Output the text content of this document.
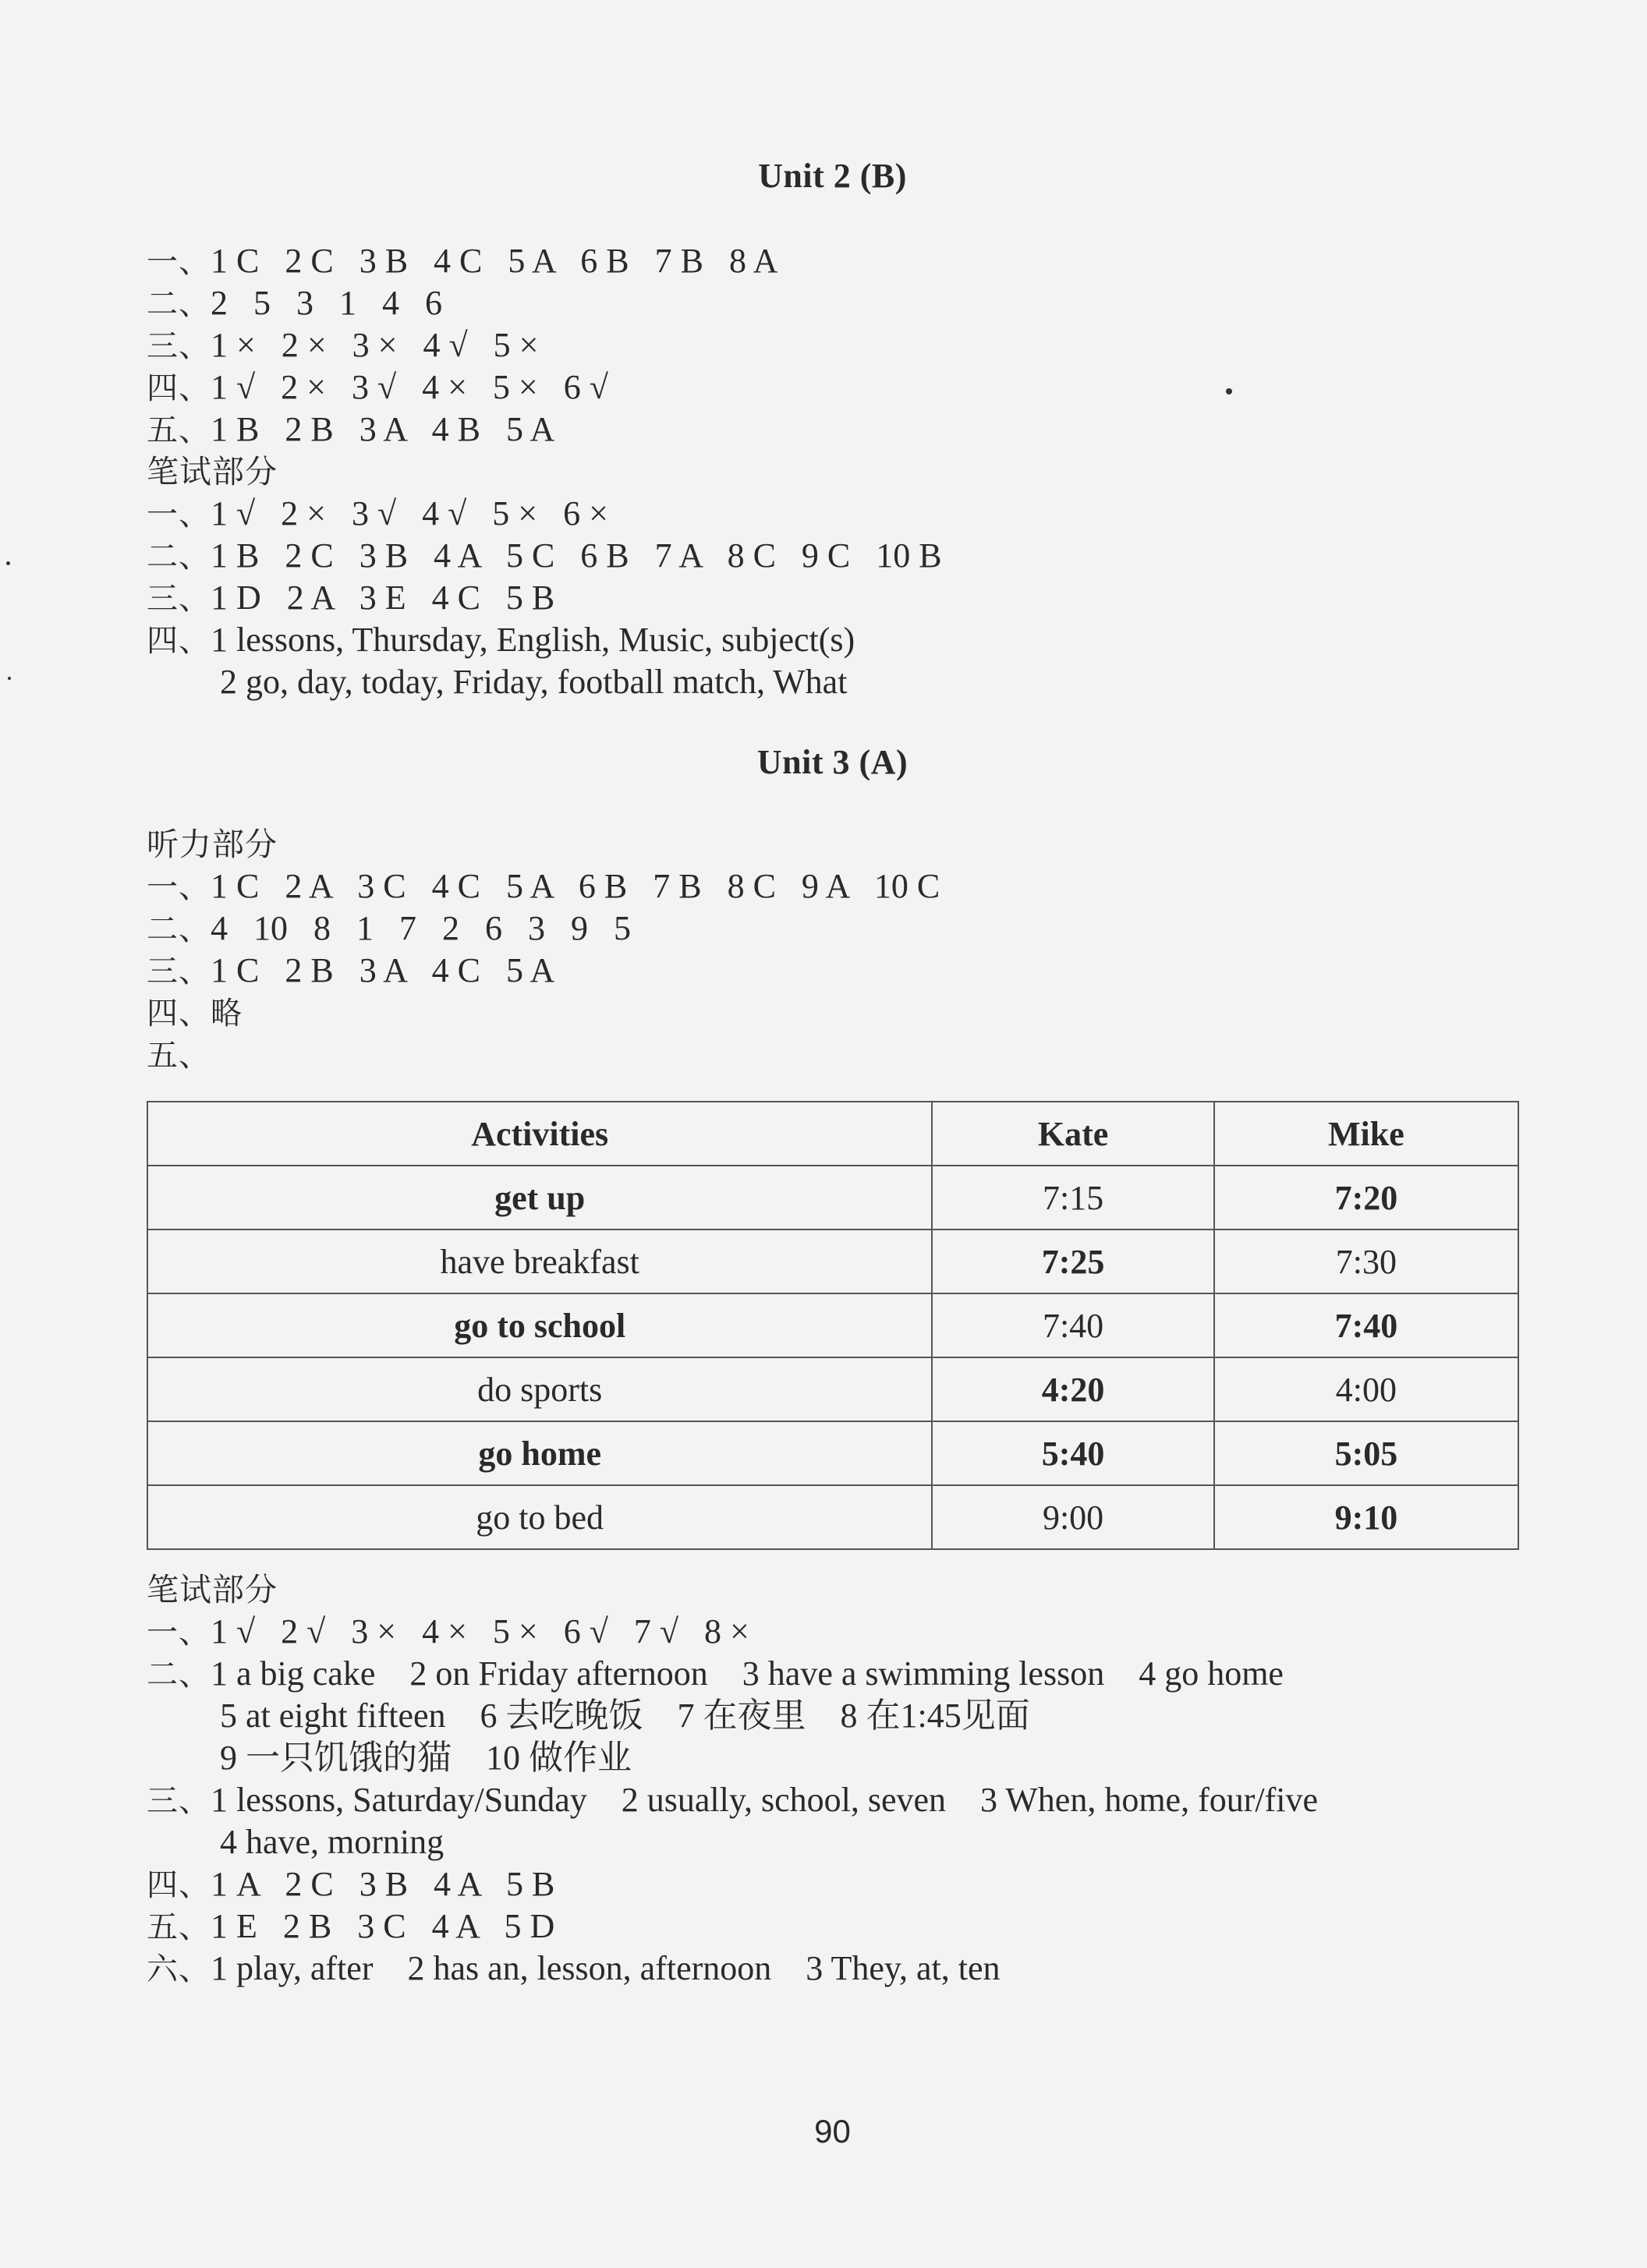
Unit 2 (B)
一、1 C   2 C   3 B   4 C   5 A   6 B   7 B   8 A
二、2   5   3   1   4   6
三、1 ×   2 ×   3 ×   4 √   5 ×
四、1 √   2 ×   3 √   4 ×   5 ×   6 √
五、1 B   2 B   3 A   4 B   5 A
笔试部分
一、1 √   2 ×   3 √   4 √   5 ×   6 ×
二、1 B   2 C   3 B   4 A   5 C   6 B   7 A   8 C   9 C   10 B
三、1 D   2 A   3 E   4 C   5 B
四、1 lessons, Thursday, English, Music, subject(s)
2 go, day, today, Friday, football match, What
Unit 3 (A)
听力部分
一、1 C   2 A   3 C   4 C   5 A   6 B   7 B   8 C   9 A   10 C
二、4   10   8   1   7   2   6   3   9   5
三、1 C   2 B   3 A   4 C   5 A
四、略
五、
Activities	Kate	Mike
get up	7:15	7:20
have breakfast	7:25	7:30
go to school	7:40	7:40
do sports	4:20	4:00
go home	5:40	5:05
go to bed	9:00	9:10
笔试部分
一、1 √   2 √   3 ×   4 ×   5 ×   6 √   7 √   8 ×
二、1 a big cake    2 on Friday afternoon    3 have a swimming lesson    4 go home
5 at eight fifteen    6 去吃晚饭    7 在夜里    8 在1:45见面
9 一只饥饿的猫    10 做作业
三、1 lessons, Saturday/Sunday    2 usually, school, seven    3 When, home, four/five
4 have, morning
四、1 A   2 C   3 B   4 A   5 B
五、1 E   2 B   3 C   4 A   5 D
六、1 play, after    2 has an, lesson, afternoon    3 They, at, ten
90
